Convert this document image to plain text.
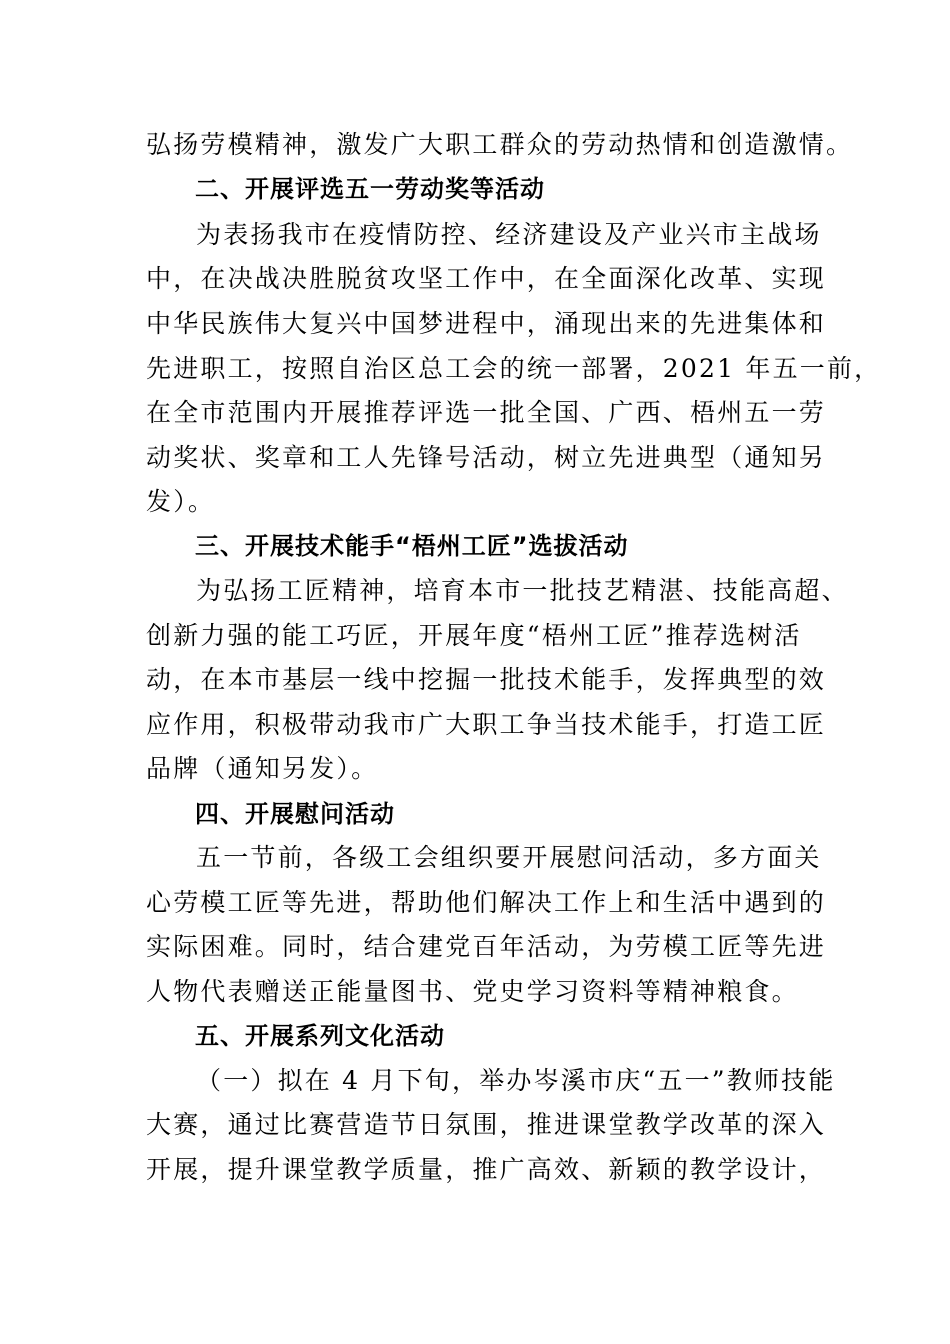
弘扬劳模精神，激发广大职工群众的劳动热情和创造激情。
二、开展评选五一劳动奖等活动
为表扬我市在疫情防控、经济建设及产业兴市主战场
中，在决战决胜脱贫攻坚工作中，在全面深化改革、实现
中华民族伟大复兴中国梦进程中，涌现出来的先进集体和
先进职工，按照自治区总工会的统一部署，2021 年五一前，
在全市范围内开展推荐评选一批全国、广西、梧州五一劳
动奖状、奖章和工人先锋号活动，树立先进典型（通知另
发）。
三、开展技术能手“梧州工匠”选拔活动
为弘扬工匠精神，培育本市一批技艺精湛、技能高超、
创新力强的能工巧匠，开展年度“梧州工匠”推荐选树活
动，在本市基层一线中挖掘一批技术能手，发挥典型的效
应作用，积极带动我市广大职工争当技术能手，打造工匠
品牌（通知另发）。
四、开展慰问活动
五一节前，各级工会组织要开展慰问活动，多方面关
心劳模工匠等先进，帮助他们解决工作上和生活中遇到的
实际困难。同时，结合建党百年活动，为劳模工匠等先进
人物代表赠送正能量图书、党史学习资料等精神粮食。
五、开展系列文化活动
（一）拟在 4 月下旬，举办岑溪市庆“五一”教师技能
大赛，通过比赛营造节日氛围，推进课堂教学改革的深入
开展，提升课堂教学质量，推广高效、新颖的教学设计，
